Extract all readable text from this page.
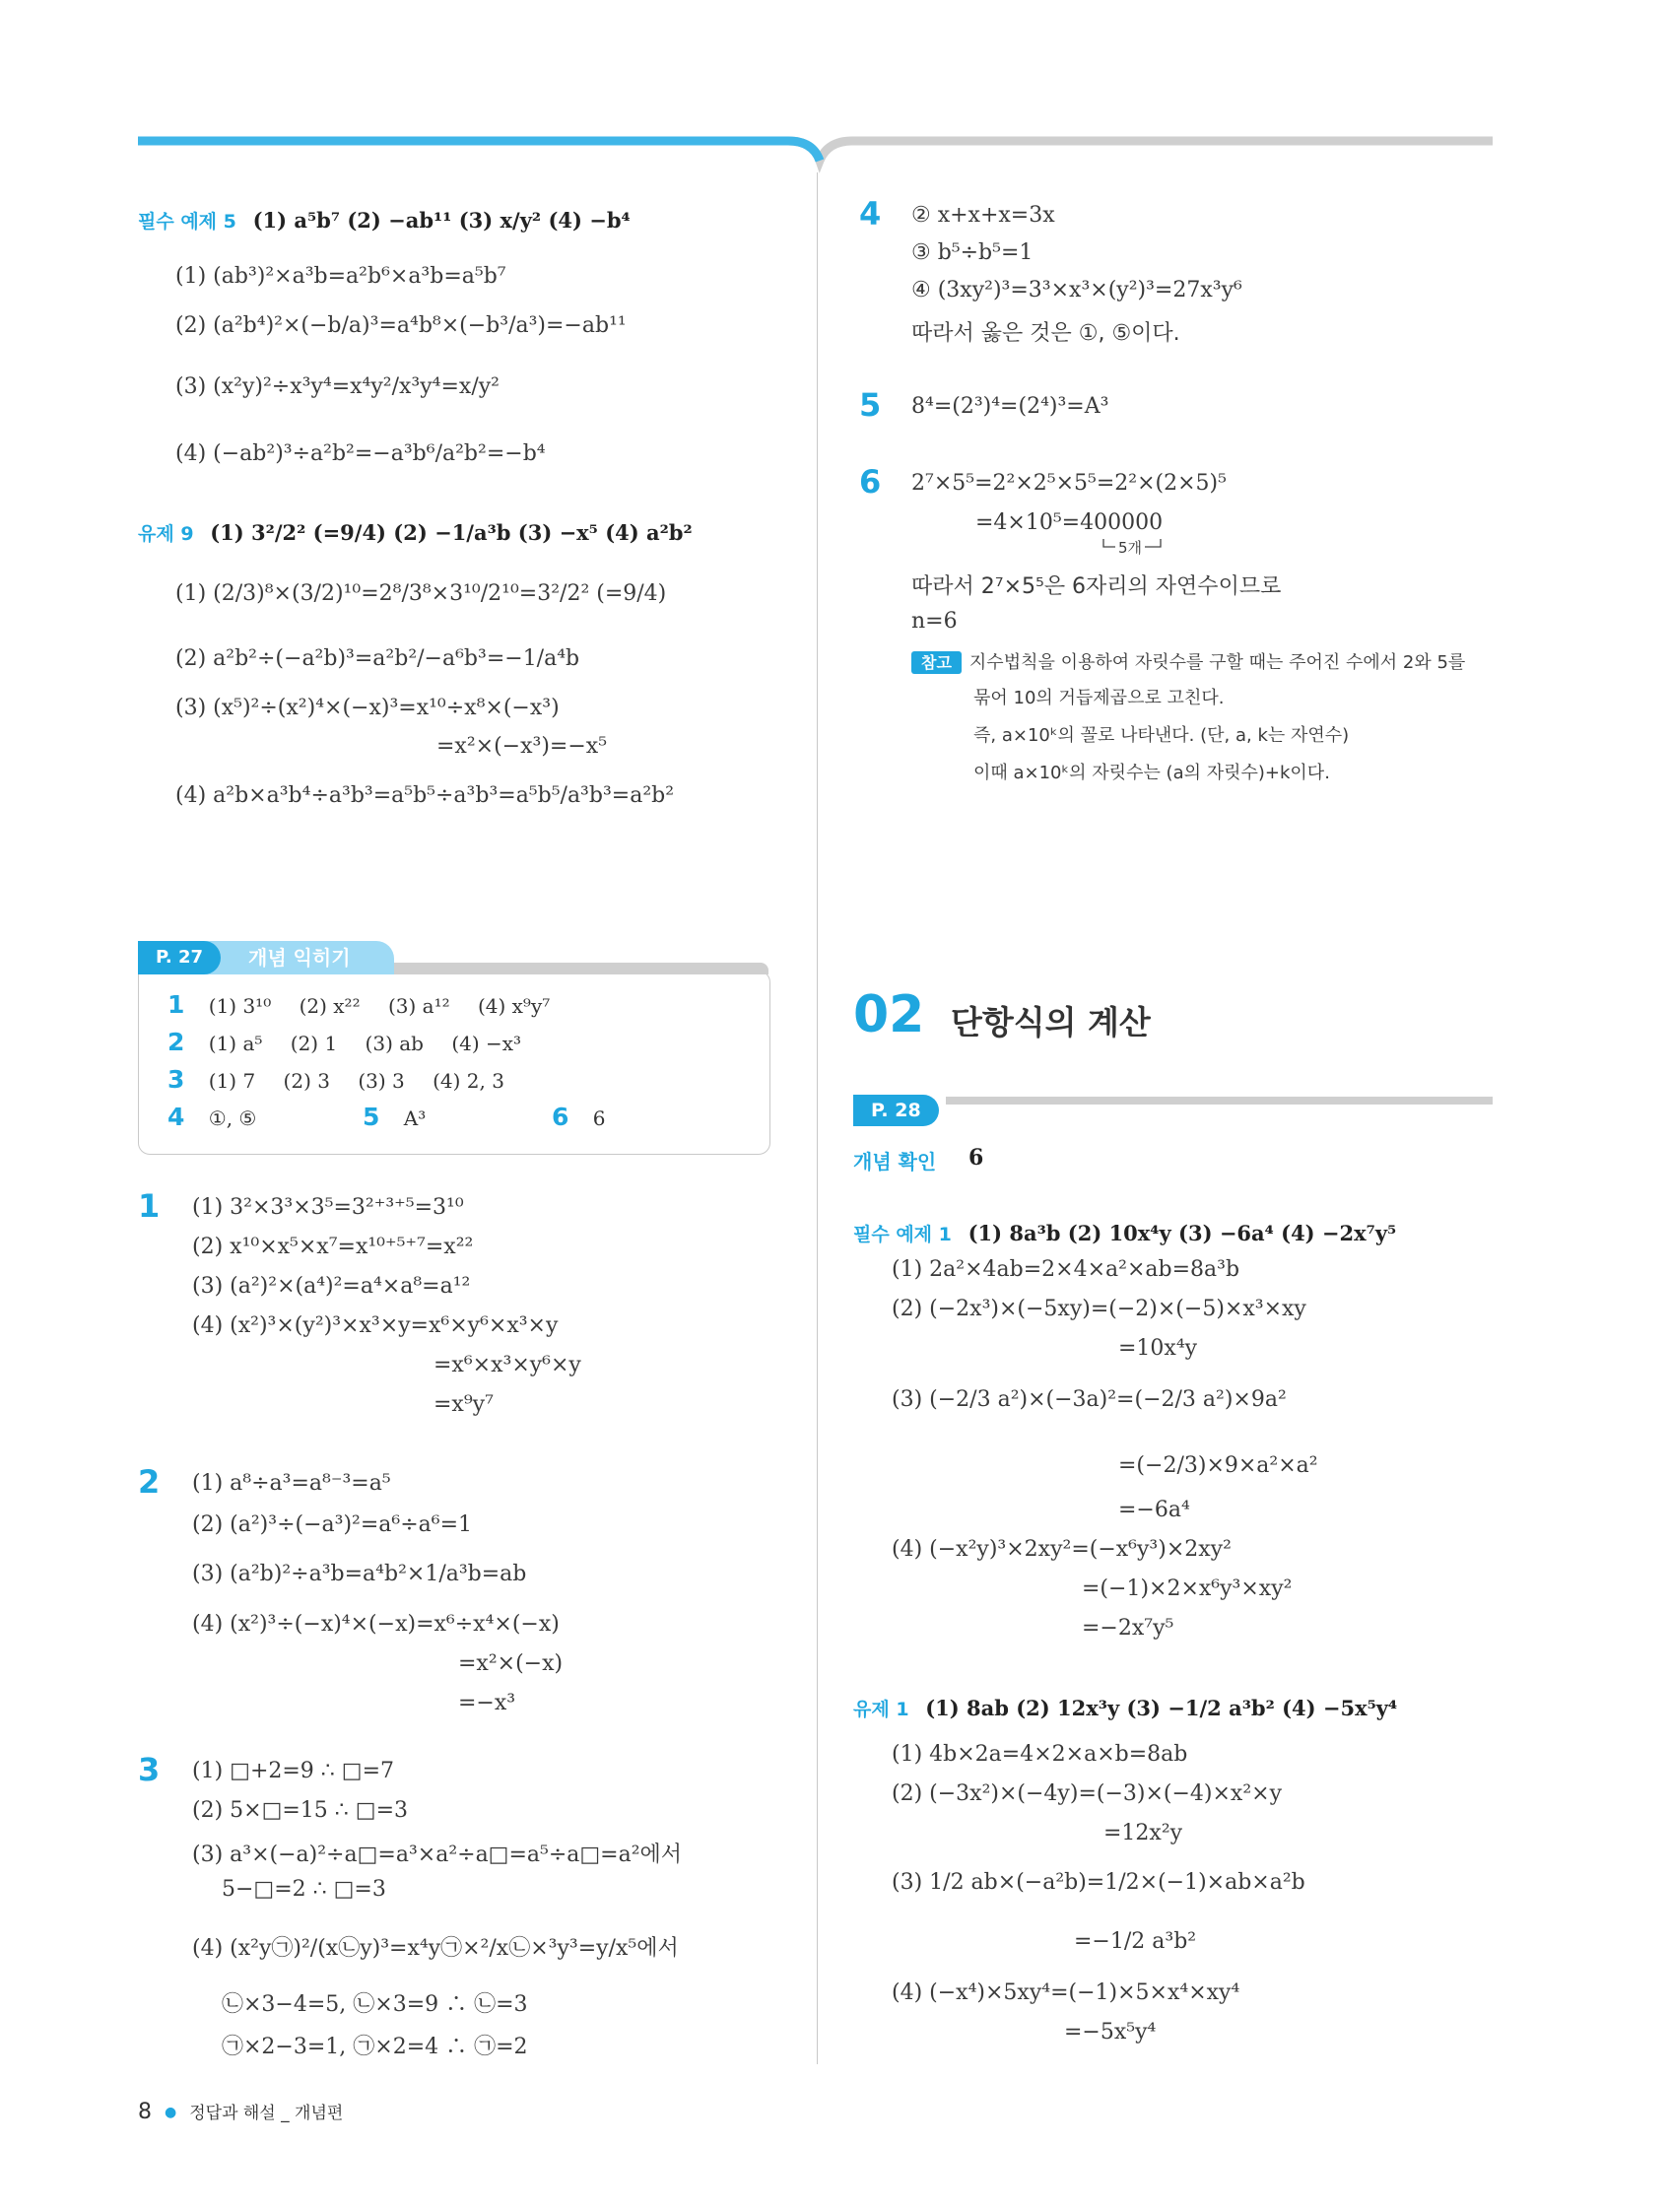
필수 예제 5 (1) a⁵b⁷ (2) −ab¹¹ (3) x/y² (4) −b⁴
(1) (ab³)²×a³b=a²b⁶×a³b=a⁵b⁷
(2) (a²b⁴)²×(−b/a)³=a⁴b⁸×(−b³/a³)=−ab¹¹
(3) (x²y)²÷x³y⁴=x⁴y²/x³y⁴=x/y²
(4) (−ab²)³÷a²b²=−a³b⁶/a²b²=−b⁴
유제 9 (1) 3²/2² (=9/4) (2) −1/a³b (3) −x⁵ (4) a²b²
(1) (2/3)⁸×(3/2)¹⁰=2⁸/3⁸×3¹⁰/2¹⁰=3²/2² (=9/4)
(2) a²b²÷(−a²b)³=a²b²/−a⁶b³=−1/a⁴b
(3) (x⁵)²÷(x²)⁴×(−x)³=x¹⁰÷x⁸×(−x³)
=x²×(−x³)=−x⁵
(4) a²b×a³b⁴÷a³b³=a⁵b⁵÷a³b³=a⁵b⁵/a³b³=a²b²
P. 27	개념 익히기
1 (1) 3¹⁰ (2) x²² (3) a¹² (4) x⁹y⁷
2 (1) a⁵ (2) 1 (3) ab (4) −x³
3 (1) 7 (2) 3 (3) 3 (4) 2, 3
4 ①, ⑤	5 A³	6 6
1 (1) 3²×3³×3⁵=3²⁺³⁺⁵=3¹⁰
(2) x¹⁰×x⁵×x⁷=x¹⁰⁺⁵⁺⁷=x²²
(3) (a²)²×(a⁴)²=a⁴×a⁸=a¹²
(4) (x²)³×(y²)³×x³×y=x⁶×y⁶×x³×y
=x⁶×x³×y⁶×y
=x⁹y⁷
2 (1) a⁸÷a³=a⁸⁻³=a⁵
(2) (a²)³÷(−a³)²=a⁶÷a⁶=1
(3) (a²b)²÷a³b=a⁴b²×1/a³b=ab
(4) (x²)³÷(−x)⁴×(−x)=x⁶÷x⁴×(−x)
=x²×(−x)
=−x³
3 (1) □+2=9 ∴ □=7
(2) 5×□=15 ∴ □=3
(3) a³×(−a)²÷a□=a³×a²÷a□=a⁵÷a□=a²에서
5−□=2 ∴ □=3
(4) (x²y㉠)²/(x㉡y)³=x⁴y㉠×²/x㉡×³y³=y/x⁵에서
㉡×3−4=5, ㉡×3=9 ∴ ㉡=3
㉠×2−3=1, ㉠×2=4 ∴ ㉠=2
4 ② x+x+x=3x
③ b⁵÷b⁵=1
④ (3xy²)³=3³×x³×(y²)³=27x³y⁶
따라서 옳은 것은 ①, ⑤이다.
5 8⁴=(2³)⁴=(2⁴)³=A³
6 2⁷×5⁵=2²×2⁵×5⁵=2²×(2×5)⁵
=4×10⁵=400000
5개
따라서 2⁷×5⁵은 6자리의 자연수이므로
n=6
참고 지수법칙을 이용하여 자릿수를 구할 때는 주어진 수에서 2와 5를
묶어 10의 거듭제곱으로 고친다.
즉, a×10ᵏ의 꼴로 나타낸다. (단, a, k는 자연수)
이때 a×10ᵏ의 자릿수는 (a의 자릿수)+k이다.
02 단항식의 계산
P. 28
개념 확인 6
필수 예제 1 (1) 8a³b (2) 10x⁴y (3) −6a⁴ (4) −2x⁷y⁵
(1) 2a²×4ab=2×4×a²×ab=8a³b
(2) (−2x³)×(−5xy)=(−2)×(−5)×x³×xy
=10x⁴y
(3) (−2/3 a²)×(−3a)²=(−2/3 a²)×9a²
=(−2/3)×9×a²×a²
=−6a⁴
(4) (−x²y)³×2xy²=(−x⁶y³)×2xy²
=(−1)×2×x⁶y³×xy²
=−2x⁷y⁵
유제 1 (1) 8ab (2) 12x³y (3) −1/2 a³b² (4) −5x⁵y⁴
(1) 4b×2a=4×2×a×b=8ab
(2) (−3x²)×(−4y)=(−3)×(−4)×x²×y
=12x²y
(3) 1/2 ab×(−a²b)=1/2×(−1)×ab×a²b
=−1/2 a³b²
(4) (−x⁴)×5xy⁴=(−1)×5×x⁴×xy⁴
=−5x⁵y⁴
8 ● 정답과 해설 _ 개념편
